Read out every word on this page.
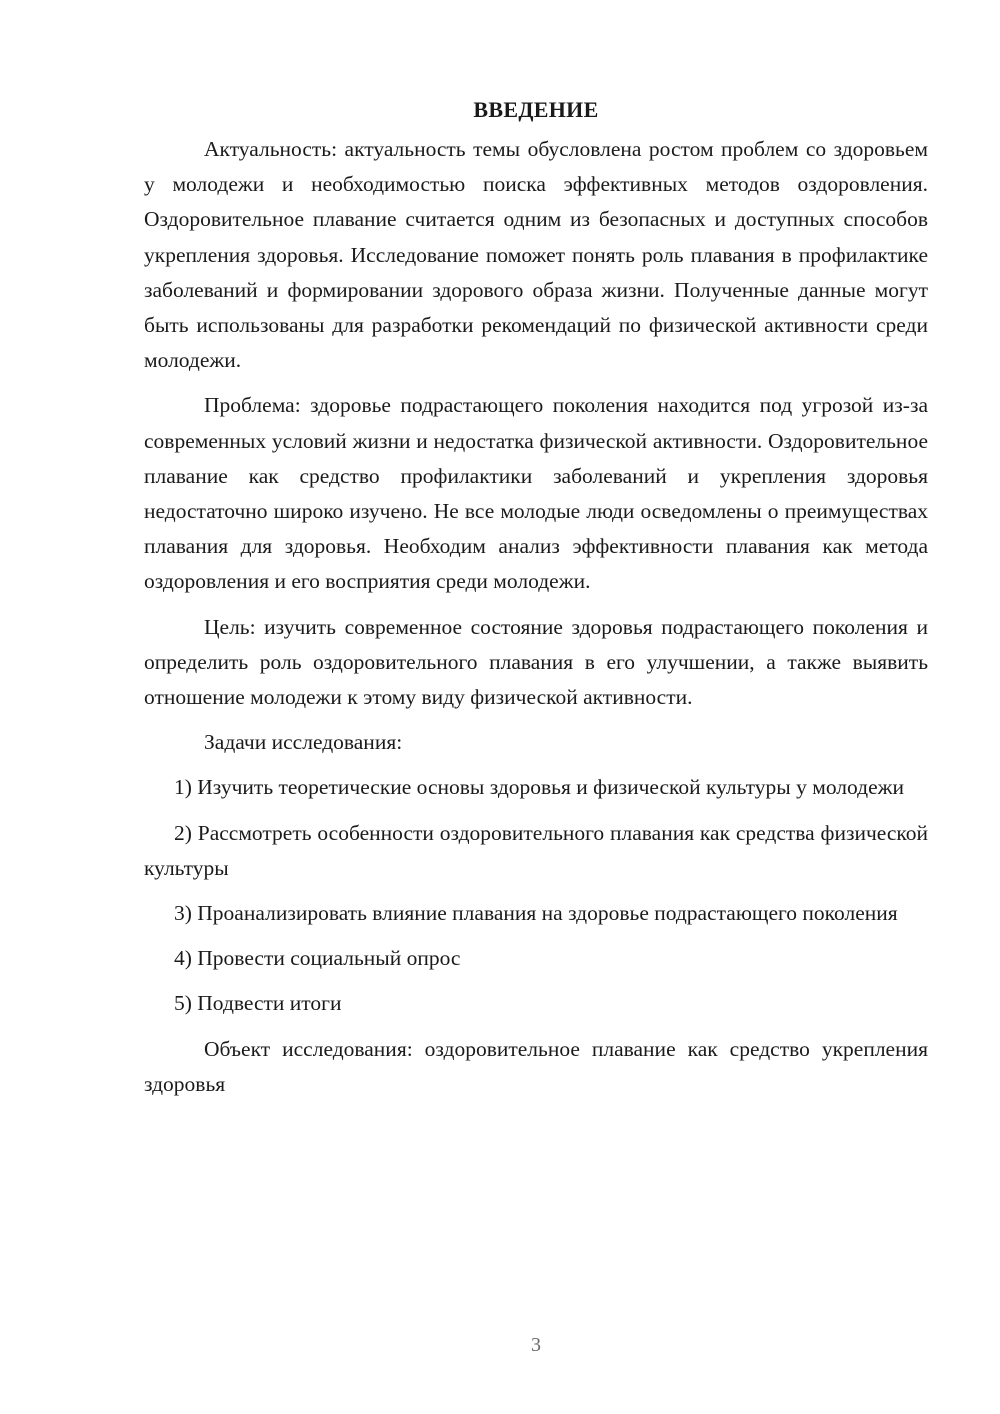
ВВЕДЕНИЕ

Актуальность: актуальность темы обусловлена ростом проблем со здоровьем у молодежи и необходимостью поиска эффективных методов оздоровления. Оздоровительное плавание считается одним из безопасных и доступных способов укрепления здоровья. Исследование поможет понять роль плавания в профилактике заболеваний и формировании здорового образа жизни. Полученные данные могут быть использованы для разработки рекомендаций по физической активности среди молодежи.

Проблема: здоровье подрастающего поколения находится под угрозой из-за современных условий жизни и недостатка физической активности. Оздоровительное плавание как средство профилактики заболеваний и укрепления здоровья недостаточно широко изучено. Не все молодые люди осведомлены о преимуществах плавания для здоровья. Необходим анализ эффективности плавания как метода оздоровления и его восприятия среди молодежи.

Цель: изучить современное состояние здоровья подрастающего поколения и определить роль оздоровительного плавания в его улучшении, а также выявить отношение молодежи к этому виду физической активности.

Задачи исследования:

1) Изучить теоретические основы здоровья и физической культуры у молодежи

2) Рассмотреть особенности оздоровительного плавания как средства физической культуры

3) Проанализировать влияние плавания на здоровье подрастающего поколения

4) Провести социальный опрос

5) Подвести итоги

Объект исследования: оздоровительное плавание как средство укрепления здоровья

3
